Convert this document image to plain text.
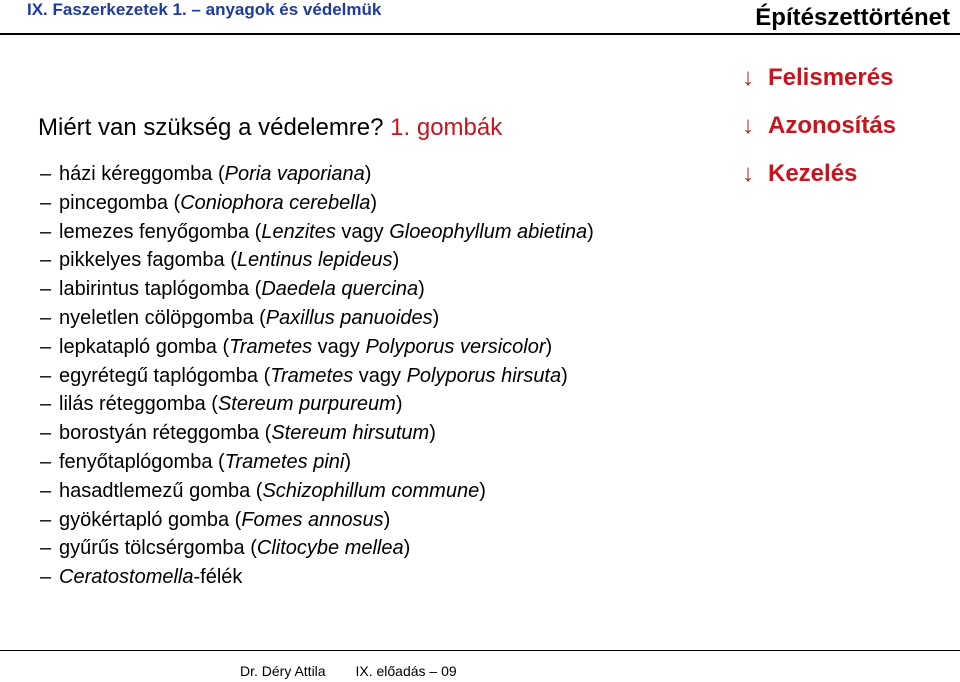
IX. Faszerkezetek 1. – anyagok és védelmük	Építészettörténet
Miért van szükség a védelemre? 1. gombák
– házi kéreggomba (Poria vaporiana)
– pincegomba (Coniophora cerebella)
– lemezes fenyőgomba (Lenzites vagy Gloeophyllum abietina)
– pikkelyes fagomba (Lentinus lepideus)
– labirintus taplógomba (Daedela quercina)
– nyeletlen cölöpgomba (Paxillus panuoides)
– lepkatapló gomba (Trametes vagy Polyporus versicolor)
– egyrétegű taplógomba (Trametes vagy Polyporus hirsuta)
– lilás réteggomba (Stereum purpureum)
– borostyán réteggomba (Stereum hirsutum)
– fenyőtaplógomba (Trametes pini)
– hasadtlemezű gomba (Schizophillum commune)
– gyökértapló gomba (Fomes annosus)
– gyűrűs tölcsérgomba (Clitocybe mellea)
– Ceratostomella-félék
↓ Felismerés
↓ Azonosítás
↓ Kezelés
Dr. Déry Attila IX. előadás – 09
